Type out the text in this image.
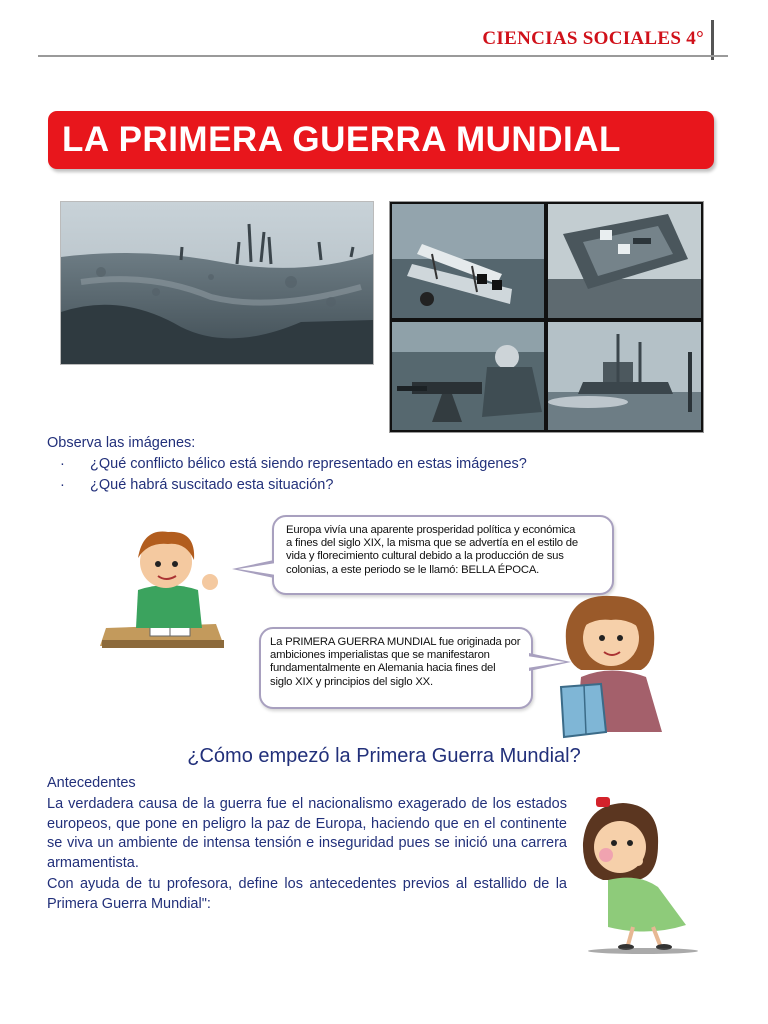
CIENCIAS SOCIALES 4°
LA PRIMERA GUERRA MUNDIAL
Observa las imágenes:
· ¿Qué conflicto bélico está siendo representado en estas imágenes?
· ¿Qué habrá suscitado esta situación?
Europa vivía una aparente prosperidad política y económica
a fines del siglo XIX, la misma que se advertía en el estilo de
vida y florecimiento cultural debido a la producción de sus
colonias, a este periodo se le llamó: BELLA ÉPOCA.
La PRIMERA GUERRA MUNDIAL fue originada por
ambiciones imperialistas que se manifestaron
fundamentalmente en Alemania hacia fines del
siglo XIX y principios del siglo XX.
¿Cómo empezó la Primera Guerra Mundial?
Antecedentes
La verdadera causa de la guerra fue el nacionalismo exagerado de los estados europeos, que pone en peligro la paz de Europa, haciendo que en el continente se viva un ambiente de intensa tensión e inseguridad pues se inició una carrera armamentista.
Con ayuda de tu profesora, define los antecedentes previos al estallido de la Primera Guerra Mundial":
